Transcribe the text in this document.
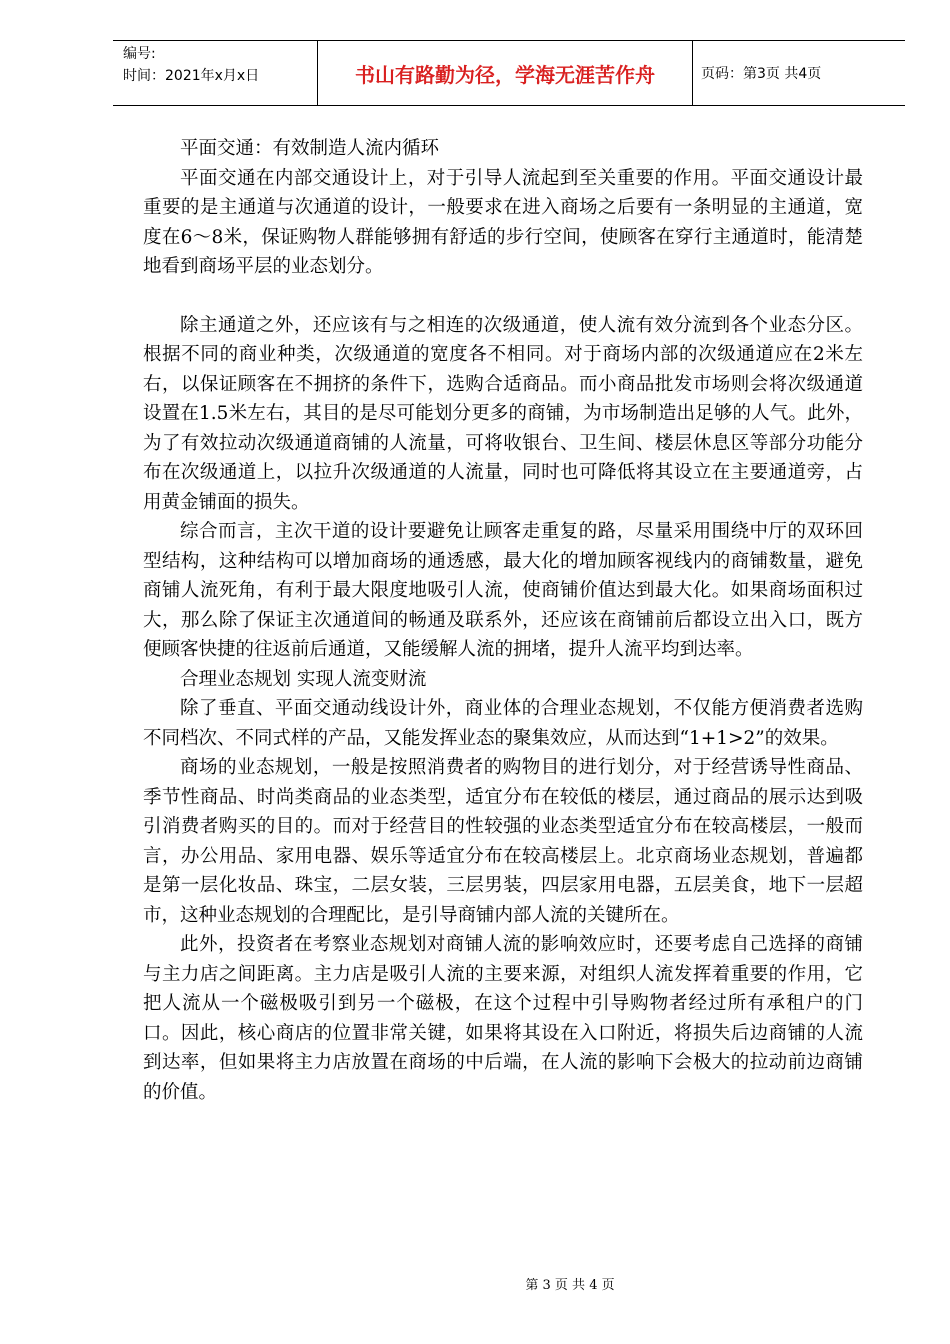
编号:
时间：2021年x月x日	书山有路勤为径，学海无涯苦作舟	页码：第3页 共4页

平面交通：有效制造人流内循环

平面交通在内部交通设计上，对于引导人流起到至关重要的作用。平面交通设计最重要的是主通道与次通道的设计，一般要求在进入商场之后要有一条明显的主通道，宽度在6～8米，保证购物人群能够拥有舒适的步行空间，使顾客在穿行主通道时，能清楚地看到商场平层的业态划分。

除主通道之外，还应该有与之相连的次级通道，使人流有效分流到各个业态分区。根据不同的商业种类，次级通道的宽度各不相同。对于商场内部的次级通道应在2米左右，以保证顾客在不拥挤的条件下，选购合适商品。而小商品批发市场则会将次级通道设置在1.5米左右，其目的是尽可能划分更多的商铺，为市场制造出足够的人气。此外，为了有效拉动次级通道商铺的人流量，可将收银台、卫生间、楼层休息区等部分功能分布在次级通道上，以拉升次级通道的人流量，同时也可降低将其设立在主要通道旁，占用黄金铺面的损失。

综合而言，主次干道的设计要避免让顾客走重复的路，尽量采用围绕中厅的双环回型结构，这种结构可以增加商场的通透感，最大化的增加顾客视线内的商铺数量，避免商铺人流死角，有利于最大限度地吸引人流，使商铺价值达到最大化。如果商场面积过大，那么除了保证主次通道间的畅通及联系外，还应该在商铺前后都设立出入口，既方便顾客快捷的往返前后通道，又能缓解人流的拥堵，提升人流平均到达率。

合理业态规划 实现人流变财流

除了垂直、平面交通动线设计外，商业体的合理业态规划，不仅能方便消费者选购不同档次、不同式样的产品，又能发挥业态的聚集效应，从而达到“1+1>2”的效果。

商场的业态规划，一般是按照消费者的购物目的进行划分，对于经营诱导性商品、季节性商品、时尚类商品的业态类型，适宜分布在较低的楼层，通过商品的展示达到吸引消费者购买的目的。而对于经营目的性较强的业态类型适宜分布在较高楼层，一般而言，办公用品、家用电器、娱乐等适宜分布在较高楼层上。北京商场业态规划，普遍都是第一层化妆品、珠宝，二层女装，三层男装，四层家用电器，五层美食，地下一层超市，这种业态规划的合理配比，是引导商铺内部人流的关键所在。

此外，投资者在考察业态规划对商铺人流的影响效应时，还要考虑自己选择的商铺与主力店之间距离。主力店是吸引人流的主要来源，对组织人流发挥着重要的作用，它把人流从一个磁极吸引到另一个磁极，在这个过程中引导购物者经过所有承租户的门口。因此，核心商店的位置非常关键，如果将其设在入口附近，将损失后边商铺的人流到达率，但如果将主力店放置在商场的中后端，在人流的影响下会极大的拉动前边商铺的价值。

第 3 页 共 4 页
